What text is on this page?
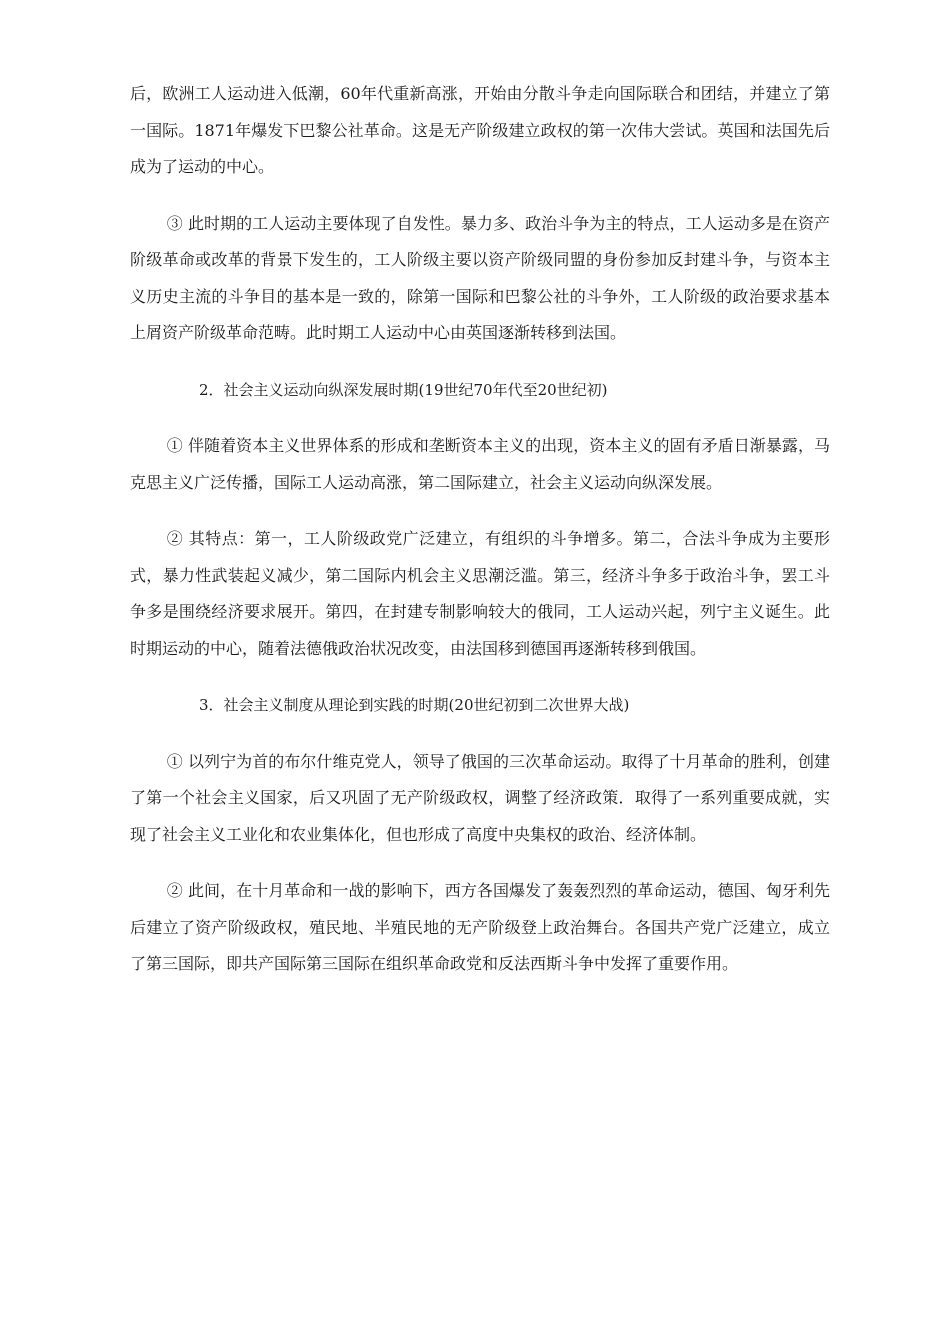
后，欧洲工人运动进入低潮，60年代重新高涨，开始由分散斗争走向国际联合和团结，并建立了第一国际。1871年爆发下巴黎公社革命。这是无产阶级建立政权的第一次伟大尝试。英国和法国先后成为了运动的中心。

③ 此时期的工人运动主要体现了自发性。暴力多、政治斗争为主的特点，工人运动多是在资产阶级革命或改革的背景下发生的，工人阶级主要以资产阶级同盟的身份参加反封建斗争，与资本主义历史主流的斗争目的基本是一致的，除第一国际和巴黎公社的斗争外，工人阶级的政治要求基本上屑资产阶级革命范畴。此时期工人运动中心由英国逐渐转移到法国。

2．社会主义运动向纵深发展时期(19世纪70年代至20世纪初)

① 伴随着资本主义世界体系的形成和垄断资本主义的出现，资本主义的固有矛盾日渐暴露，马克思主义广泛传播，国际工人运动高涨，第二国际建立，社会主义运动向纵深发展。

② 其特点：第一，工人阶级政党广泛建立，有组织的斗争增多。第二，合法斗争成为主要形式，暴力性武装起义减少，第二国际内机会主义思潮泛滥。第三，经济斗争多于政治斗争，罢工斗争多是围绕经济要求展开。第四，在封建专制影响较大的俄同，工人运动兴起，列宁主义诞生。此时期运动的中心，随着法德俄政治状况改变，由法国移到德国再逐渐转移到俄国。

3．社会主义制度从理论到实践的时期(20世纪初到二次世界大战)

① 以列宁为首的布尔什维克党人，领导了俄国的三次革命运动。取得了十月革命的胜利，创建了第一个社会主义国家，后又巩固了无产阶级政权，调整了经济政策．取得了一系列重要成就，实现了社会主义工业化和农业集体化，但也形成了高度中央集权的政治、经济体制。

② 此间，在十月革命和一战的影响下，西方各国爆发了轰轰烈烈的革命运动，德国、匈牙利先后建立了资产阶级政权，殖民地、半殖民地的无产阶级登上政治舞台。各国共产党广泛建立，成立了第三国际，即共产国际第三国际在组织革命政党和反法西斯斗争中发挥了重要作用。
